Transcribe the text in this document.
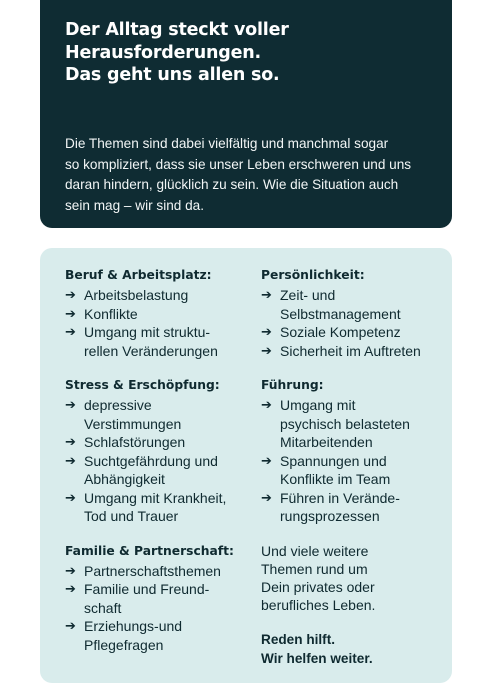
Der Alltag steckt voller
Herausforderungen.
Das geht uns allen so.

Die Themen sind dabei vielfältig und manchmal sogar
so kompliziert, dass sie unser Leben erschweren und uns
daran hindern, glücklich zu sein. Wie die Situation auch
sein mag – wir sind da.

Beruf & Arbeitsplatz:
➔ Arbeitsbelastung
➔ Konflikte
➔ Umgang mit struktu-
rellen Veränderungen
Stress & Erschöpfung:
➔ depressive
Verstimmungen
➔ Schlafstörungen
➔ Suchtgefährdung und
Abhängigkeit
➔ Umgang mit Krankheit,
Tod und Trauer
Familie & Partnerschaft:
➔ Partnerschaftsthemen
➔ Familie und Freund-
schaft
➔ Erziehungs-und
Pflegefragen
Persönlichkeit:
➔ Zeit- und
Selbstmanagement
➔ Soziale Kompetenz
➔ Sicherheit im Auftreten
Führung:
➔ Umgang mit
psychisch belasteten
Mitarbeitenden
➔ Spannungen und
Konflikte im Team
➔ Führen in Verände-
rungsprozessen

Und viele weitere
Themen rund um
Dein privates oder
berufliches Leben.

Reden hilft.
Wir helfen weiter.
